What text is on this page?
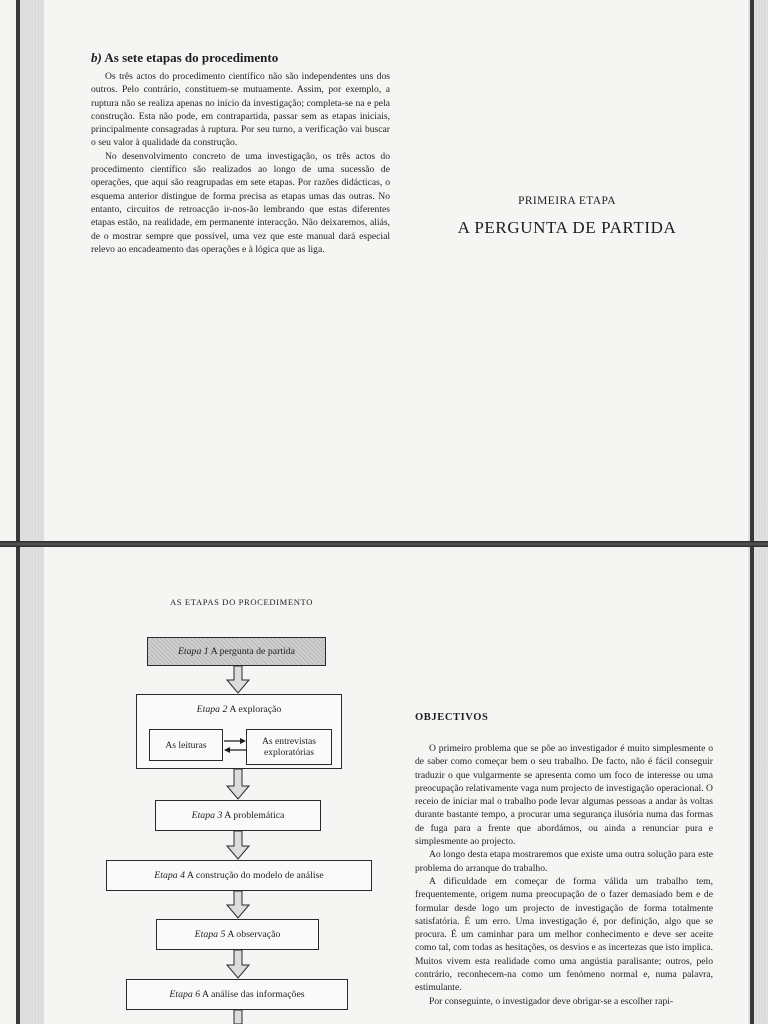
b) As sete etapas do procedimento

Os três actos do procedimento científico não são independentes uns dos outros. Pelo contrário, constituem-se mutuamente. Assim, por exemplo, a ruptura não se realiza apenas no início da investigação; completa-se na e pela construção. Esta não pode, em contrapartida, passar sem as etapas iniciais, principalmente consagradas à ruptura. Por seu turno, a verificação vai buscar o seu valor à qualidade da construção.

No desenvolvimento concreto de uma investigação, os três actos do procedimento científico são realizados ao longo de uma sucessão de operações, que aqui são reagrupadas em sete etapas. Por razões didácticas, o esquema anterior distingue de forma precisa as etapas umas das outras. No entanto, circuitos de retroacção ir-nos-ão lembrando que estas diferentes etapas estão, na realidade, em permanente interacção. Não deixaremos, aliás, de o mostrar sempre que possível, uma vez que este manual dará especial relevo ao encadeamento das operações e à lógica que as liga.

PRIMEIRA ETAPA
A PERGUNTA DE PARTIDA
AS ETAPAS DO PROCEDIMENTO
Etapa 1 A pergunta de partida
Etapa 2 A exploração
As leituras	As entrevistas
exploratórias
Etapa 3 A problemática
Etapa 4 A construção do modelo de análise
Etapa 5 A observação
Etapa 6 A análise das informações
OBJECTIVOS

O primeiro problema que se põe ao investigador é muito simplesmente o de saber como começar bem o seu trabalho. De facto, não é fácil conseguir traduzir o que vulgarmente se apresenta como um foco de interesse ou uma preocupação relativamente vaga num projecto de investigação operacional. O receio de iniciar mal o trabalho pode levar algumas pessoas a andar às voltas durante bastante tempo, a procurar uma segurança ilusória numa das formas de fuga para a frente que abordámos, ou ainda a renunciar pura e simplesmente ao projecto.

Ao longo desta etapa mostraremos que existe uma outra solução para este problema do arranque do trabalho.

A dificuldade em começar de forma válida um trabalho tem, frequentemente, origem numa preocupação de o fazer demasiado bem e de formular desde logo um projecto de investigação de forma totalmente satisfatória. É um erro. Uma investigação é, por definição, algo que se procura. É um caminhar para um melhor conhecimento e deve ser aceite como tal, com todas as hesitações, os desvios e as incertezas que isto implica. Muitos vivem esta realidade como uma angústia paralisante; outros, pelo contrário, reconhecem-na como um fenómeno normal e, numa palavra, estimulante.

Por conseguinte, o investigador deve obrigar-se a escolher rapi-
